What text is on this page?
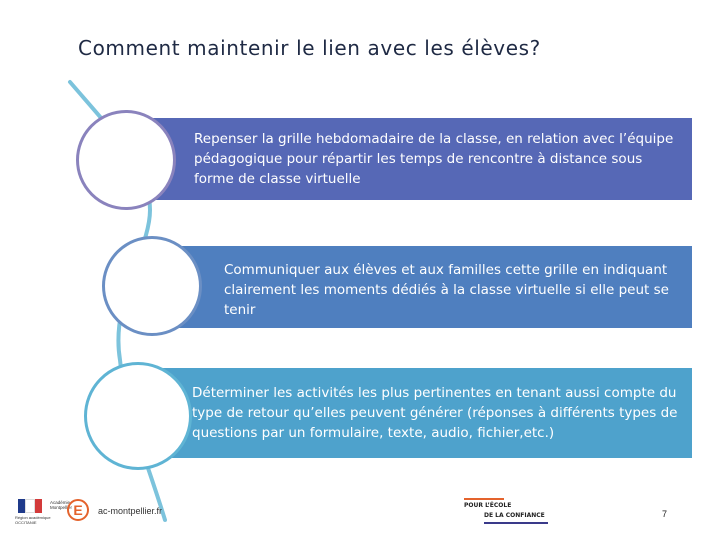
Comment maintenir le lien avec les élèves?
Repenser la grille hebdomadaire de la classe, en relation avec l’équipe pédagogique pour répartir les temps de rencontre à distance sous forme de classe virtuelle
Communiquer aux élèves et aux familles cette grille en indiquant clairement les moments dédiés à la classe virtuelle si elle peut se tenir
Déterminer les activités les plus pertinentes en tenant aussi compte du type de retour qu’elles peuvent générer (réponses à différents types de questions par un formulaire, texte, audio, fichier,etc.)
Région académique
OCCITANIE
Académie
Montpellier E	ac-montpellier.fr
POUR L’ÉCOLE
DE LA CONFIANCE	7
